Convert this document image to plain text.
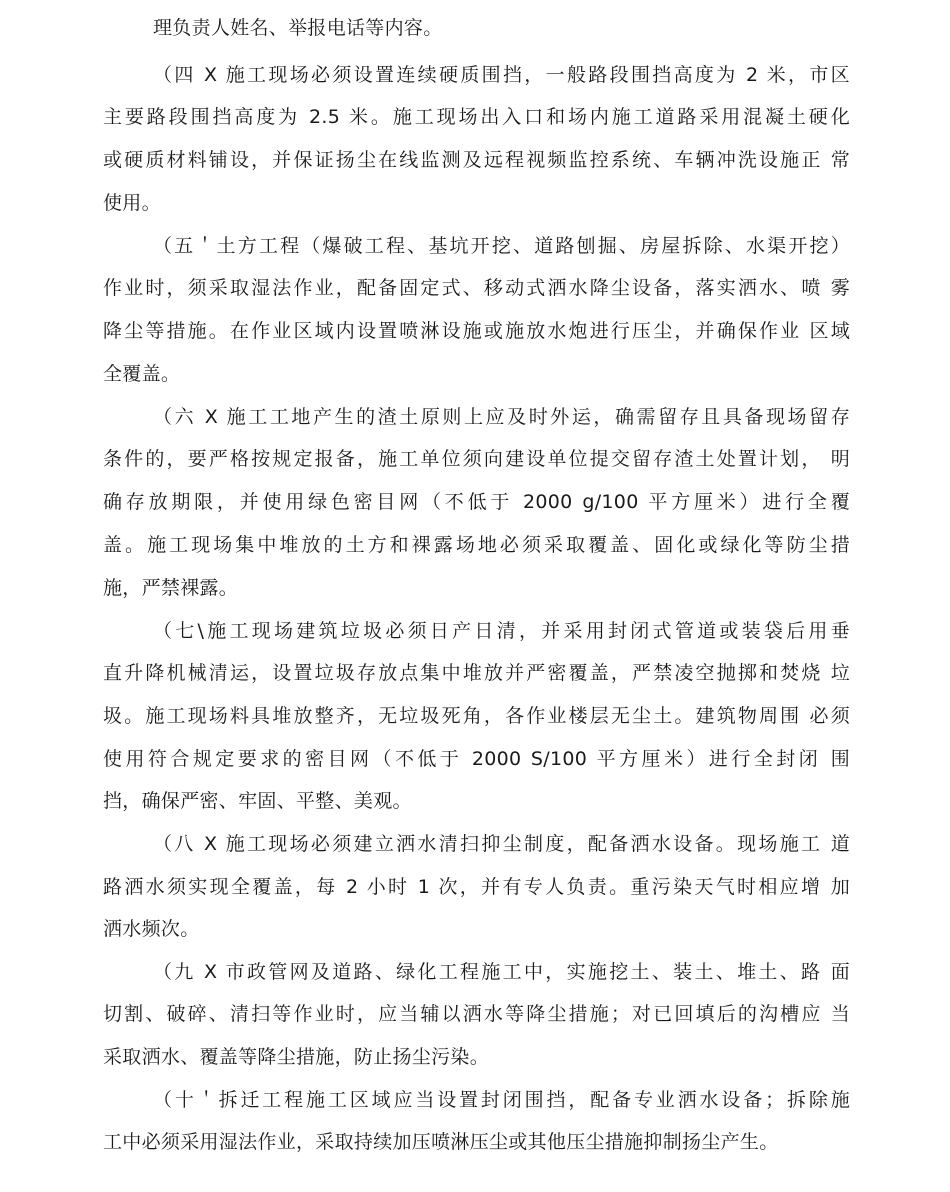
理负责人姓名、举报电话等内容。
（四 X 施工现场必须设置连续硬质围挡，一般路段围挡高度为 2 米，市区
主要路段围挡高度为 2.5 米。施工现场出入口和场内施工道路采用混凝土硬化
或硬质材料铺设，并保证扬尘在线监测及远程视频监控系统、车辆冲洗设施正 常
使用。
（五＇土方工程（爆破工程、基坑开挖、道路刨掘、房屋拆除、水渠开挖）
作业时，须采取湿法作业，配备固定式、移动式洒水降尘设备，落实洒水、喷 雾
降尘等措施。在作业区域内设置喷淋设施或施放水炮进行压尘，并确保作业 区域
全覆盖。
（六 X 施工工地产生的渣土原则上应及时外运，确需留存且具备现场留存
条件的，要严格按规定报备，施工单位须向建设单位提交留存渣土处置计划， 明
确存放期限，并使用绿色密目网（不低于 2000 g/100 平方厘米）进行全覆
盖。施工现场集中堆放的土方和裸露场地必须采取覆盖、固化或绿化等防尘措
施，严禁裸露。
（七\施工现场建筑垃圾必须日产日清，并采用封闭式管道或装袋后用垂
直升降机械清运，设置垃圾存放点集中堆放并严密覆盖，严禁凌空抛掷和焚烧 垃
圾。施工现场料具堆放整齐，无垃圾死角，各作业楼层无尘土。建筑物周围 必须
使用符合规定要求的密目网（不低于 2000 S/100 平方厘米）进行全封闭 围
挡，确保严密、牢固、平整、美观。
（八 X 施工现场必须建立洒水清扫抑尘制度，配备洒水设备。现场施工 道
路洒水须实现全覆盖，每 2 小时 1 次，并有专人负责。重污染天气时相应增 加
洒水频次。
（九 X 市政管网及道路、绿化工程施工中，实施挖土、装土、堆土、路 面
切割、破碎、清扫等作业时，应当辅以洒水等降尘措施；对已回填后的沟槽应 当
采取洒水、覆盖等降尘措施，防止扬尘污染。
（十＇拆迁工程施工区域应当设置封闭围挡，配备专业洒水设备；拆除施
工中必须采用湿法作业，采取持续加压喷淋压尘或其他压尘措施抑制扬尘产生。
